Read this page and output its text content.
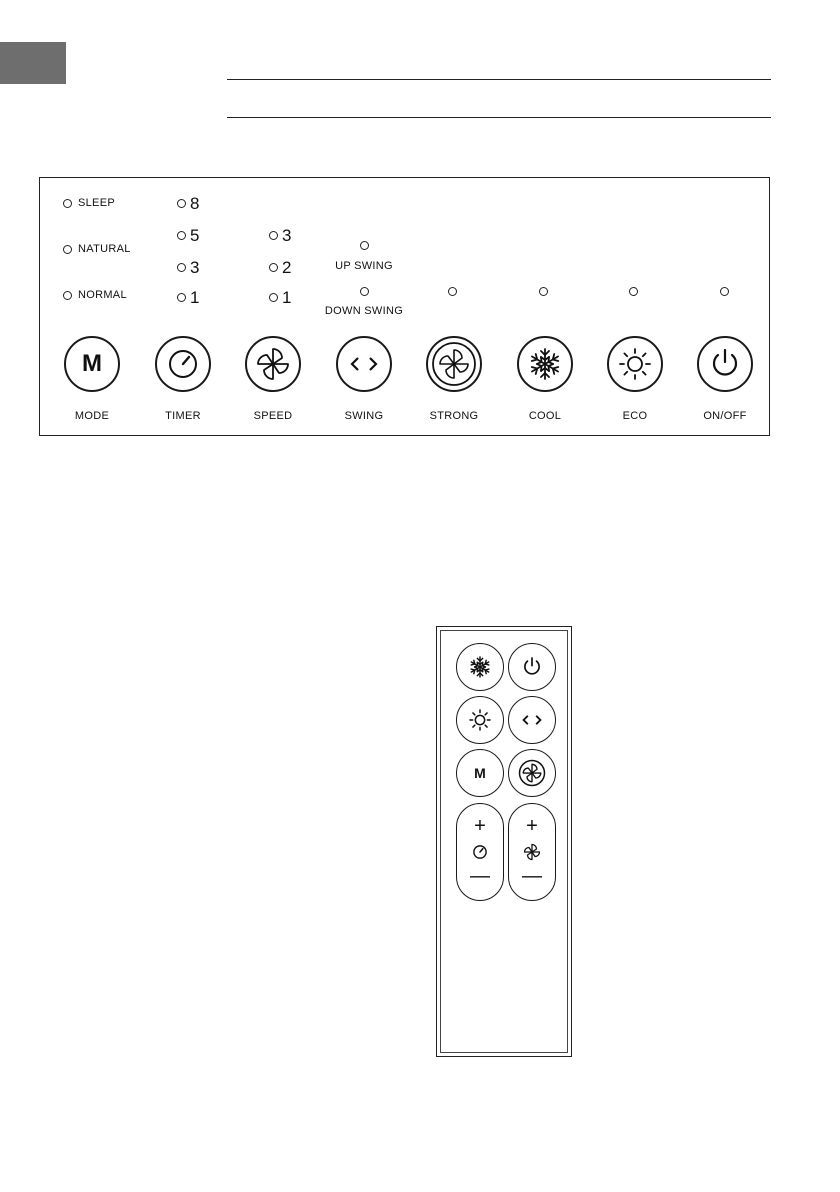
SLEEP
NATURAL
NORMAL
8
5
3
1
3
2
1
UP SWING
DOWN SWING
M
MODE	TIMER	SPEED	SWING	STRONG	COOL	ECO	ON/OFF
M
+
—
+
—
